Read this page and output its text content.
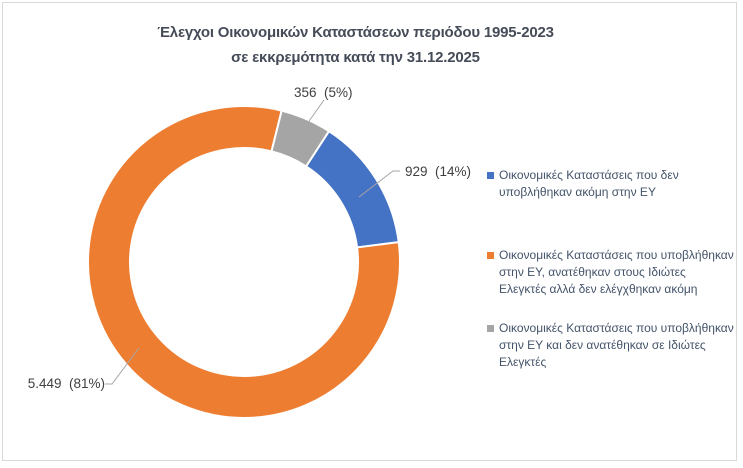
Έλεγχοι Οικονομικών Καταστάσεων περιόδου 1995-2023
σε εκκρεμότητα κατά την 31.12.2025
929  (14%)
5.449  (81%)
356  (5%)
Οικονομικές Καταστάσεις που δεν υποβλήθηκαν ακόμη στην ΕΥ
Οικονομικές Καταστάσεις που υποβλήθηκαν στην ΕΥ, ανατέθηκαν στους Ιδιώτες Ελεγκτές αλλά δεν ελέγχθηκαν ακόμη
Οικονομικές Καταστάσεις που υποβλήθηκαν στην ΕΥ και δεν ανατέθηκαν σε Ιδιώτες Ελεγκτές
